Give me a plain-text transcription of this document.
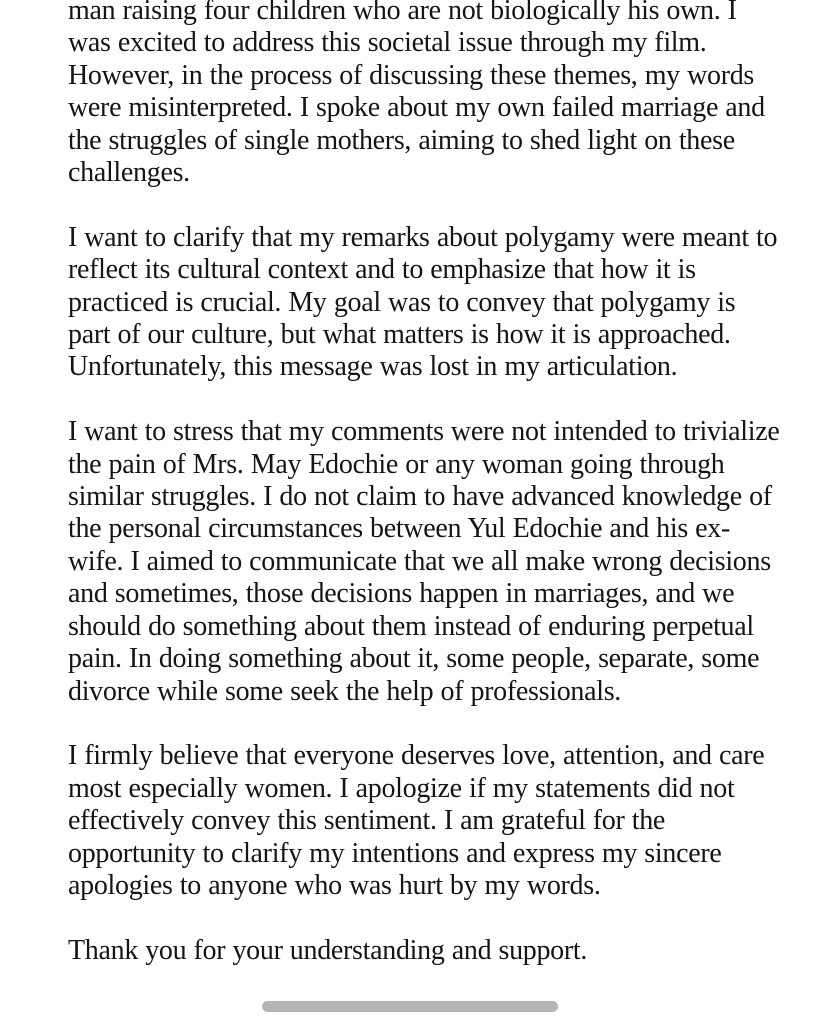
man raising four children who are not biologically his own. I
was excited to address this societal issue through my film.
However, in the process of discussing these themes, my words
were misinterpreted. I spoke about my own failed marriage and
the struggles of single mothers, aiming to shed light on these
challenges.
I want to clarify that my remarks about polygamy were meant to
reflect its cultural context and to emphasize that how it is
practiced is crucial. My goal was to convey that polygamy is
part of our culture, but what matters is how it is approached.
Unfortunately, this message was lost in my articulation.
I want to stress that my comments were not intended to trivialize
the pain of Mrs. May Edochie or any woman going through
similar struggles. I do not claim to have advanced knowledge of
the personal circumstances between Yul Edochie and his ex-
wife. I aimed to communicate that we all make wrong decisions
and sometimes, those decisions happen in marriages, and we
should do something about them instead of enduring perpetual
pain. In doing something about it, some people, separate, some
divorce while some seek the help of professionals.
I firmly believe that everyone deserves love, attention, and care
most especially women. I apologize if my statements did not
effectively convey this sentiment. I am grateful for the
opportunity to clarify my intentions and express my sincere
apologies to anyone who was hurt by my words.
Thank you for your understanding and support.
